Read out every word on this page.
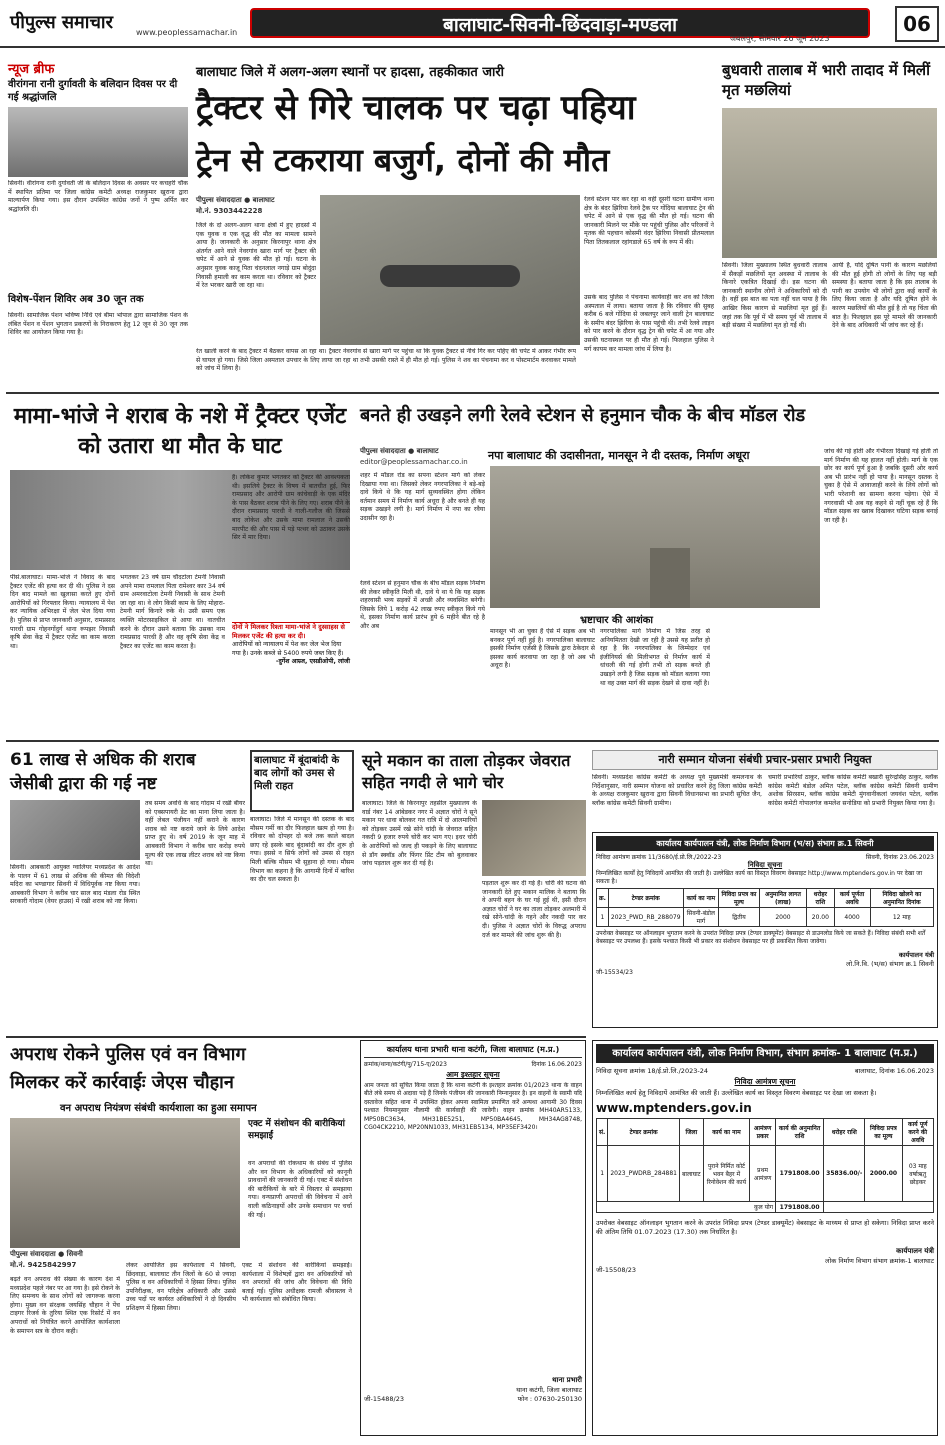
पीपुल्स समाचार	www.peoplessamachar.in	बालाघाट-सिवनी-छिंदवाड़ा-मण्डला
जबलपुर, सोमवार 26 जून 2023
06
न्यूज ब्रीफ
वीरांगना रानी दुर्गावती के बलिदान दिवस पर दी गई श्रद्धांजलि
सिवनी। वीरांगना रानी दुर्गावती जी के बलिदान दिवस के अवसर पर कचहरी चौक में स्थापित प्रतिमा पर जिला कांग्रेस कमेटी अध्यक्ष राजकुमार खुराना द्वारा माल्यार्पण किया गया। इस दौरान उपस्थित कांग्रेस जनों ने पुष्प अर्पित कर श्रद्धांजलि दी।
विशेष-पेंशन शिविर अब 30 जून तक
सिवनी। सामाजिक पेंशन भविष्य निधि एवं बीमा भोपाल द्वारा सामाजिक पेंशन के लंबित पेंशन व पेंशन भुगतान प्रकरणों के निराकरण हेतु 12 जून से 30 जून तक शिविर का आयोजन किया गया है।
बालाघाट जिले में अलग-अलग स्थानों पर हादसा, तहकीकात जारी
ट्रैक्टर से गिरे चालक पर चढ़ा पहिया
ट्रेन से टकराया बजुर्ग, दोनों की मौत
पीपुल्स संवाददाता ● बालाघाट
मो.नं. 9303442228
जिले के दो अलग-अलग थाना क्षेत्रों में हुए हादसों में एक युवक व एक वृद्ध की मौत का मामला सामने आया है। जानकारी के अनुसार किरनापुर थाना क्षेत्र अंतर्गत आने वाले नेवरगांव खारा मार्ग पर ट्रैक्टर की चपेट में आने से युवक की मौत हो गई। घटना के अनुसार युवक काजू पिता चंदनलाल नगाड़े ग्राम बोदुंदा निवासी हमाली का काम करता था। रविवार को ट्रैक्टर में रेत भरकर खारी जा रहा था।
रेत खाली करने के बाद ट्रैक्टर में बैठकर वापस आ रहा था। ट्रैक्टर नेवरगांव से खारा मार्ग पर पहुंचा था कि युवक ट्रैक्टर से नीचे गिर कर पहिए की चपेट में आकर गंभीर रूप से घायल हो गया। जिसे जिला अस्पताल उपचार के लिए लाया जा रहा था तभी उसकी रास्ते में ही मौत हो गई। पुलिस ने शव का पंचनामा कर व पोस्टमार्टम करवाकर मामले को जांच में लिया है।
रेलवे स्टेशन पार कर रहा था वहीं दूसरी घटना ग्रामीण थाना क्षेत्र के बंदर झिरिया रेलवे ट्रैक पर गोंदिया बालाघाट ट्रेन की चपेट में आने से एक वृद्ध की मौत हो गई। घटना की जानकारी मिलने पर मौके पर पहुंची पुलिस और परिजनों ने मृतक की पहचान कोसमी वंदर झिरिया निवासी प्रीतमलाल पिता तितकलाल रहांगडाले 65 वर्ष के रूप में की।
उसके बाद पुलिस ने पंचनामा कार्यवाही कर शव को जिला अस्पताल में लाया। बताया जाता है कि रविवार की सुबह करीब 6 बजे गोंदिया से जबलपुर जाने वाली ट्रेन बालाघाट के समीप बंदर झिरिया के पास पहुंची थी। तभी रेलवे लाइन को पार करने के दौरान वृद्ध ट्रेन की चपेट में आ गया और उसकी घटनास्थल पर ही मौत हो गई। फिलहाल पुलिस ने मर्ग कायम कर मामला जांच में लिया है।
बुधवारी तालाब में भारी तादाद में मिलीं मृत मछलियां
सिवनी। जिला मुख्यालय स्थित बुधवारी तालाब में सैकड़ों मछलियों मृत अवस्था में तालाब के किनारे एकत्रित दिखाई दी। इस घटना की जानकारी स्थानीय लोगों ने अधिकारियों को दी है। वहीं इस बात का पता नहीं चल पाया है कि आखिर किस कारण से मछलियां मृत हुई हैं। जहां तक कि पूर्व में भी समय पूर्व भी तालाब में बड़ी संख्या में मछलियां मृत हो गईं थी।
आयी है, यदि दूषित पानी के कारण मछलियों की मौत हुई होगी तो लोगों के लिए यह बड़ी समस्या है। बताया जाता है कि इस तालाब के पानी का उपयोग भी लोगों द्वारा कई कार्यों के लिए किया जाता है और यदि दूषित होने के कारण मछलियों की मौत हुई है तो यह चिंता की बात है। फिलहाल इस पूरे मामले की जानकारी देने के बाद अधिकारी भी जांच कर रहे हैं।
मामा-भांजे ने शराब के नशे में ट्रैक्टर एजेंट को उतारा था मौत के घाट
पीसं.बालाघाट। मामा-भांजे ने विवाद के बाद ट्रैक्टर एजेंट की हत्या कर दी थी। पुलिस ने दस दिन बाद मामले का खुलासा करते हुए दोनों आरोपियों को गिरफ्तार किया। न्यायालय में पेश कर न्यायिक अभिरक्षा में जेल भेज दिया गया है। पुलिस से प्राप्त जानकारी अनुसार, रामप्रसाद पारधी ग्राम गोहनगोंदुर्ग थाना रूपझर निवासी कृषि सेवा केंद्र में ट्रैक्टर एजेंट का काम करता था।
भगतकर 23 वर्ष ग्राम चौदटोला टेमनी निवासी अपने मामा रामलाल पिता रामेश्वर कार 34 वर्ष ग्राम अमरवाटोला टेमनी निवासी के साथ टेमनी जा रहा था। वे लोग किसी काम के लिए मोहारा-टेमनी मार्ग किनारे रुके थे। उसी समय एक व्यक्ति मोटरसाइकिल से आया था। वातचीत करने के दौरान उसने बताया कि उसका नाम रामप्रसाद पारधी है और वह कृषि सेवा केंद्र व ट्रैक्टर का एजेंट का काम करता है।
है। लोकेश कुमार भगतकर को ट्रैक्टर की आवश्यकता थी। इसलिये ट्रैक्टर के विषय में बातचीत हुई, फिर रामप्रसाद और आरोपी ग्राम कांचेवाड़ी के एक मंदिर के पास बैठकर शराब पीने के लिए गए। शराब पीने के दौरान रामप्रसाद पारधी ने गाली-गलौज की जिससे बाद लोकेश और उसके मामा रामलाल ने उसकी मारपीट की और पास में पड़े पत्थर को उठाकर उसके सिर में मार दिया।
दोनों ने मिलकर रिश्ता मामा-भांजे ने दुस्साहस से मिलकर एजेंट की हत्या कर दी।
आरोपियों को न्यायालय में पेश कर जेल भेज दिया गया है। उनके कब्जे से 5400 रुपये जब्त किए हैं।
-दुर्गेश आम्र्ज, एसडीओपी, लांजी
बनते ही उखड़ने लगी रेलवे स्टेशन से हनुमान चौक के बीच मॉडल रोड
पीपुल्स संवाददाता ● बालाघाट
editor@peoplessamachar.co.in	नपा बालाघाट की उदासीनता, मानसून ने दी दस्तक, निर्माण अधूरा
शहर में मॉडल रोड का सपना स्टेशन मार्ग को लेकर दिखाया गया था। जिसको लेकर नगरपालिका ने बड़े-बड़े दावे किये थे कि यह मार्ग सुव्यवस्थित होगा लेकिन वर्तमान समय में निर्माण कार्य अधूरा है और बनते ही यह सड़क उखड़ने लगी है। मार्ग निर्माण में नपा का रवैया उदासीन रहा है।
रेलवे स्टेशन से हनुमान चौक के बीच मॉडल सड़क निर्माण की लेकर स्वीकृति मिली थी, दावे ये था ये कि यह सड़क शहरवासी भव्य सड़कों में अच्छी और व्यवस्थित बनेगी। जिसके लिये 1 करोड़ 42 लाख रुपए स्वीकृत किये गये थे, इसका निर्माण कार्य प्रारंभ हुये 6 महीने बीत रहे है और अब
भ्रष्टाचार की आशंका
मानसून भी आ चुका है ऐसे में सड़क अब भी बनकर पूर्ण नहीं हुई है। नगरपालिका बालाघाट इसकी निर्माण एजेंसी है जिसके द्वारा ठेकेदार से इसका कार्य करवाया जा रहा है जो अब भी अधूरा है।
नगरपालिका मार्ग निर्माण में जिस तरह से अनियमितता देखी जा रही है उससे यह प्रतीत हो रहा है कि नगरपालिका के जिम्मेदार एवं इंजीनियर्स की मिलीभगत से निर्माण कार्य में धांधली की गई होगी तभी तो सड़क बनते ही उखड़ने लगी है जिस सड़क को मॉडल बताया गया था वह उक्त मार्ग की सड़क देखने से दावा नहीं है।
जांच की गई होती और गंभीरता दिखाई गई होती तो मार्ग निर्माण की यह हालत नहीं होती। मार्ग के एक छोर का कार्य पूर्ण हुआ है जबकि दूसरी ओर कार्य अब भी प्रारंभ नहीं हो पाया है। मानसून दस्तक दे चुका है ऐसे में आवाजाही करने के लिये लोगों को भारी परेशानी का सामना करना पड़ेगा। ऐसे में नगरवासी भी अब यह कहने से नहीं चूक रहे हैं कि मॉडल सड़क का ख्वाब दिखाकर घटिया सड़क बनाई जा रही है।
61 लाख से अधिक की शराब जेसीबी द्वारा की गई नष्ट
सिवनी। आबकारी आयुक्त ग्वालियर मध्यप्रदेश के आदेश के पालन में 61 लाख से अधिक की कीमत की विदेशी मदिरा का भण्डागार सिवनी में विधिपूर्वक नष्ट किया गया। आबकारी विभाग ने करीब चार साल बाद मंडला रोड स्थित सरकारी गोदाम (वेयर हाउस) में रखी शराब को नष्ट किया।
तब समय अवधि के बाद गोदाम में रखी बीयर को एक्सपायरी डेट का माना लिया जाता है। वहीं लेबल पंजीयन नहीं कराने के कारण शराब को नष्ट कराये जाने के लिये आदेश प्राप्त हुए थे। वर्ष 2019 के जून माह में आबकारी विभाग ने करीब चार करोड़ रुपये मूल्य की एक लाख लीटर शराब को नष्ट किया था।
बालाघाट में बूंदाबांदी के बाद लोगों को उमस से मिली राहत
बालाघाट। जिले में मानसून की दस्तक के बाद मौसम गर्मी का दौर फिलहाल खत्म हो गया है। रविवार को दोपहर दो बजे तक काले बादल छाए रहे इसके बाद बूंदाबांदी का दौर शुरू हो गया। इससे न सिर्फ लोगों को उमस से राहत मिली बल्कि मौसम भी सुहाना हो गया। मौसम विभाग का कहना है कि आगामी दिनों में बारिश का दौर चल सकता है।
सूने मकान का ताला तोड़कर जेवरात सहित नगदी ले भागे चोर
बालाघाट। जिले के किरनापुर तहसील मुख्यालय के वार्ड नंबर 14 आंबेडकर नगर में अज्ञात चोरों ने सूने मकान पर धावा बोलकर गत रात्रि में दो आलमारियों को तोड़कर उसमें रखे सोने चांदी के जेवरात सहित नकदी 9 हजार रुपये चोरी कर भाग गए। इधर चोरी के आरोपियों को जल्द ही पकड़ने के लिए बालाघाट से डॉग स्क्वॉड और फिंगर प्रिंट टीम को बुलवाकर जांच पड़ताल शुरू कर दी गई है।
पड़ताल शुरू कर दी गई है। चोरी की घटना की जानकारी देते हुए मकान मालिक ने बताया कि वे अपनी बहन के घर गई हुई थी, इसी दौरान अज्ञात चोरों ने घर का ताला तोड़कर अलमारी में रखे सोने-चांदी के गहने और नकदी पार कर दी। पुलिस ने अज्ञात चोरों के विरुद्ध अपराध दर्ज कर मामले की जांच शुरू की है।
नारी सम्मान योजना संबंधी प्रचार-प्रसार प्रभारी नियुक्त
सिवनी। मध्यप्रदेश कांग्रेस कमेटी के अध्यक्ष पूर्व मुख्यमंत्री कमलनाथ के निर्देशानुसार, नारी सम्मान योजना को प्रचारित करने हेतु जिला कांग्रेस कमेटी के अध्यक्ष राजकुमार खुराना द्वारा सिवनी विधानसभा का प्रभारी सुचित जैन, ब्लॉक कांग्रेस कमेटी सिवनी ग्रामीण।
चमारी प्रभारियों ठाकुर, ब्लॉक कांग्रेस कमेटी बखारी सुरेन्द्रसिंह ठाकुर, ब्लॉक कांग्रेस कमेटी बंडोल अमित पटेल, ब्लॉक कांग्रेस कमेटी सिवनी ग्रामीण अशोक सिरसाम, ब्लॉक कांग्रेस कमेटी मुंगवानीकलां जयवंश पटेल, ब्लॉक कांग्रेस कमेटी गोपालगंज कमलेश सनोडिया को प्रभारी नियुक्त किया गया है।
कार्यालय कार्यपालन यंत्री, लोक निर्माण विभाग (भ/स) संभाग क्र.1 सिवनी
निविदा आमंत्रण क्रमांक 11/3680/ई.प्रो.लि./2022-23	सिवनी, दिनांक 23.06.2023
निविदा सूचना
निम्नलिखित कार्यों हेतु निविदायें आमंत्रित की जाती है। उल्लेखित कार्य का विस्तृत विवरण वेबसाइट http://www.mptenders.gov.in पर देखा जा सकता है।
क्र.	टेण्डर क्रमांक	कार्य का नाम	निविदा प्रपत्र का मूल्य	अनुमानित लागत (लाख)	धरोहर राशि	कार्य पूर्णता अवधि	निविदा खोलने का अनुमानित दिनांक
1	2023_PWD_RB_288079	सिवनी-बंडोल मार्ग	द्वितीय	2000	20.00	4000	12 माह
उपरोक्त वेबसाइट पर ऑनलाइन भुगतान करने के उपरांत निविदा प्रपत्र (टेण्डर डाक्यूमेंट) वेबसाइट से डाउनलोड किये जा सकते हैं। निविदा संबंधी सभी शर्तें वेबसाइट पर उपलब्ध हैं। इसके पश्चात किसी भी प्रकार का संशोधन वेबसाइट पर ही प्रकाशित किया जावेगा।
कार्यपालन यंत्री
लो.नि.वि. (भ/स) संभाग क्र.1 सिवनी
जी-15534/23
अपराध रोकने पुलिस एवं वन विभाग
मिलकर करें कार्रवाईः जेएस चौहान
वन अपराध नियंत्रण संबंधी कार्यशाला का हुआ समापन
पीपुल्स संवाददाता ● सिवनी
मो.नं. 9425842997
एक्ट में संशोधन की बारीकियां समझाईं
वन अपराधों की रोकथाम के संबंध में पुलिस और वन विभाग के अधिकारियों को कानूनी प्रावधानों की जानकारी दी गई। एक्ट में संशोधन की बारीकियों के बारे में विस्तार से समझाया गया। वन्यप्राणी अपराधों की विवेचना में आने वाली कठिनाइयों और उनके समाधान पर चर्चा की गई।
बढ़ते वन अपराध की संख्या के कारण देश में मध्यप्रदेश पहले नंबर पर आ गया है। इसे रोकने के लिए समन्वय के साथ लोगों को जागरूक करना होगा। मुख्य वन संरक्षक जयसिंह चौहान ने पेंच टाइगर रिजर्व के तुरिया स्थित एक रिसोर्ट में वन अपराधों को नियंत्रित करने आयोजित कार्यशाला के समापन सत्र के दौरान कही।
लेकर आयोजित इस कार्यशाला में सिवनी, छिंदवाड़ा, बालाघाट तीन जिलों के 60 से ज्यादा पुलिस व वन अधिकारियों ने हिस्सा लिया। पुलिस उपनिरीक्षक, वन परिक्षेत्र अधिकारी और उससे उच्च पदों पर कार्यरत अधिकारियों ने दो दिवसीय प्रशिक्षण में हिस्सा लिया।
एक्ट में संशोधन की बारीकियां समझाईं। कार्यशाला में विशेषज्ञों द्वारा वन अधिकारियों को वन अपराधों की जांच और विवेचना की विधि बताई गई। पुलिस अधीक्षक रामजी श्रीवास्तव ने भी कार्यशाला को संबोधित किया।
कार्यालय थाना प्रभारी थाना कटंगी, जिला बालाघाट (म.प्र.)
क्रमांक/थाना/कटंगी/पु/715-ए/2023	दिनांक 16.06.2023
आम इश्तहार सूचना
आम जनता को सूचित किया जाता है कि थाना कटंगी के इश्तहार क्रमांक 01/2023 थाना के वाहन बीते लंबे समय से अदावा पड़े हैं जिनके पंजीयन की जानकारी निम्नानुसार है। इन वाहनों के स्वामी यदि दस्तावेज सहित थाना में उपस्थित होकर अपना स्वामित्व प्रमाणित करें अन्यथा आगामी 30 दिवस पश्चात नियमानुसार नीलामी की कार्यवाही की जावेगी। वाहन क्रमांक MH40AR5133, MP50BC3634, MH31BE5251, MP50BA4645, MH34AG8748, CG04CK2210, MP20NN1033, MH31EB5134, MP35EF3420।
थाना प्रभारी
थाना कटंगी, जिला बालाघाट
जी-15488/23	फोन : 07630-250130
कार्यालय कार्यपालन यंत्री, लोक निर्माण विभाग, संभाग क्रमांक- 1 बालाघाट (म.प्र.)
निविदा सूचना क्रमांक 18/ई.प्रो.लि./2023-24	बालाघाट, दिनांक 16.06.2023
निविदा आमंत्रण सूचना
निम्नलिखित कार्य हेतु निविदायें आमंत्रित की जाती हैं। उल्लेखित कार्य का विस्तृत विवरण वेबसाइट पर देखा जा सकता है।
www.mptenders.gov.in
सं.	टेण्डर क्रमांक	जिला	कार्य का नाम	आमंत्रण प्रकार	कार्य की अनुमानित राशि	धरोहर राशि	निविदा प्रपत्र का मूल्य	कार्य पूर्ण करने की अवधि
1	2023_PWDRB_284881	बालाघाट	पुराने निर्मित कोर्ट भवन बैहर में रिनोवेशन की कार्य	प्रथम आमंत्रण	1791808.00	35836.00/-	2000.00	03 माह वर्षाऋतु छोड़कर
कुल योग					1791808.00			
उपरोक्त वेबसाइट ऑनलाइन भुगतान करने के उपरांत निविदा प्रपत्र (टेण्डर डाक्यूमेंट) वेबसाइट के माध्यम से प्राप्त हो सकेगा। निविदा प्राप्त करने की अंतिम तिथि 01.07.2023 (17.30) तक निर्धारित है।
कार्यपालन यंत्री
लोक निर्माण विभाग संभाग क्रमांक-1 बालाघाट
जी-15508/23
